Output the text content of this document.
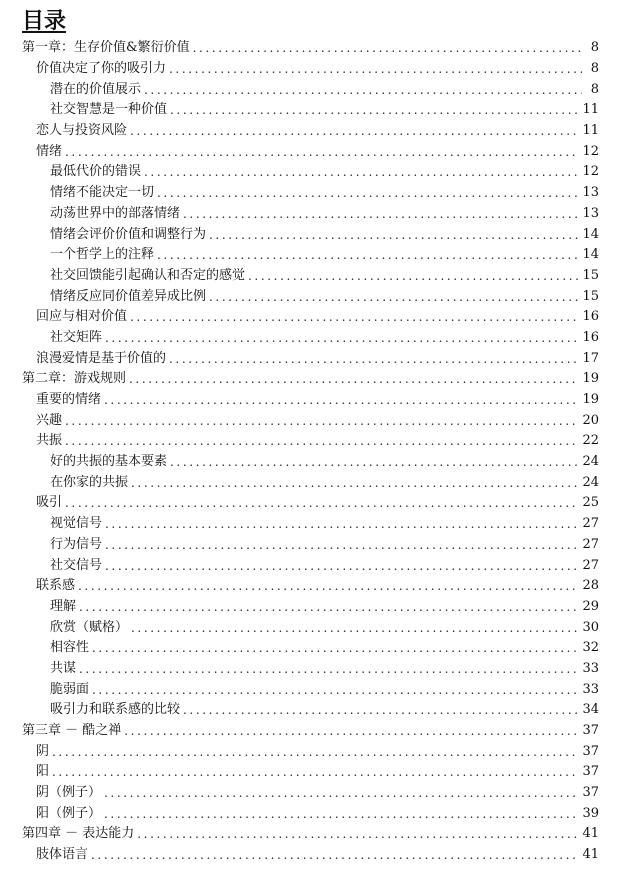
目录
第一章：生存价值&繁衍价值 .....	8
价值决定了你的吸引力 .....	8
潜在的价值展示 .....	8
社交智慧是一种价值 .....	11
恋人与投资风险 .....	11
情绪 .....	12
最低代价的错误 .....	12
情绪不能决定一切 .....	13
动荡世界中的部落情绪 .....	13
情绪会评价价值和调整行为 .....	14
一个哲学上的注释 .....	14
社交回馈能引起确认和否定的感觉 .....	15
情绪反应同价值差异成比例 .....	15
回应与相对价值 .....	16
社交矩阵 .....	16
浪漫爱情是基于价值的 .....	17
第二章：游戏规则 .....	19
重要的情绪 .....	19
兴趣 .....	20
共振 .....	22
好的共振的基本要素 .....	24
在你家的共振 .....	24
吸引 .....	25
视觉信号 .....	27
行为信号 .....	27
社交信号 .....	27
联系感 .....	28
理解 .....	29
欣赏（赋格） .....	30
相容性 .....	32
共谋 .....	33
脆弱面 .....	33
吸引力和联系感的比较 .....	34
第三章 － 酷之禅 .....	37
阴 .....	37
阳 .....	37
阴（例子） .....	37
阳（例子） .....	39
第四章 － 表达能力 .....	41
肢体语言 .....	41
